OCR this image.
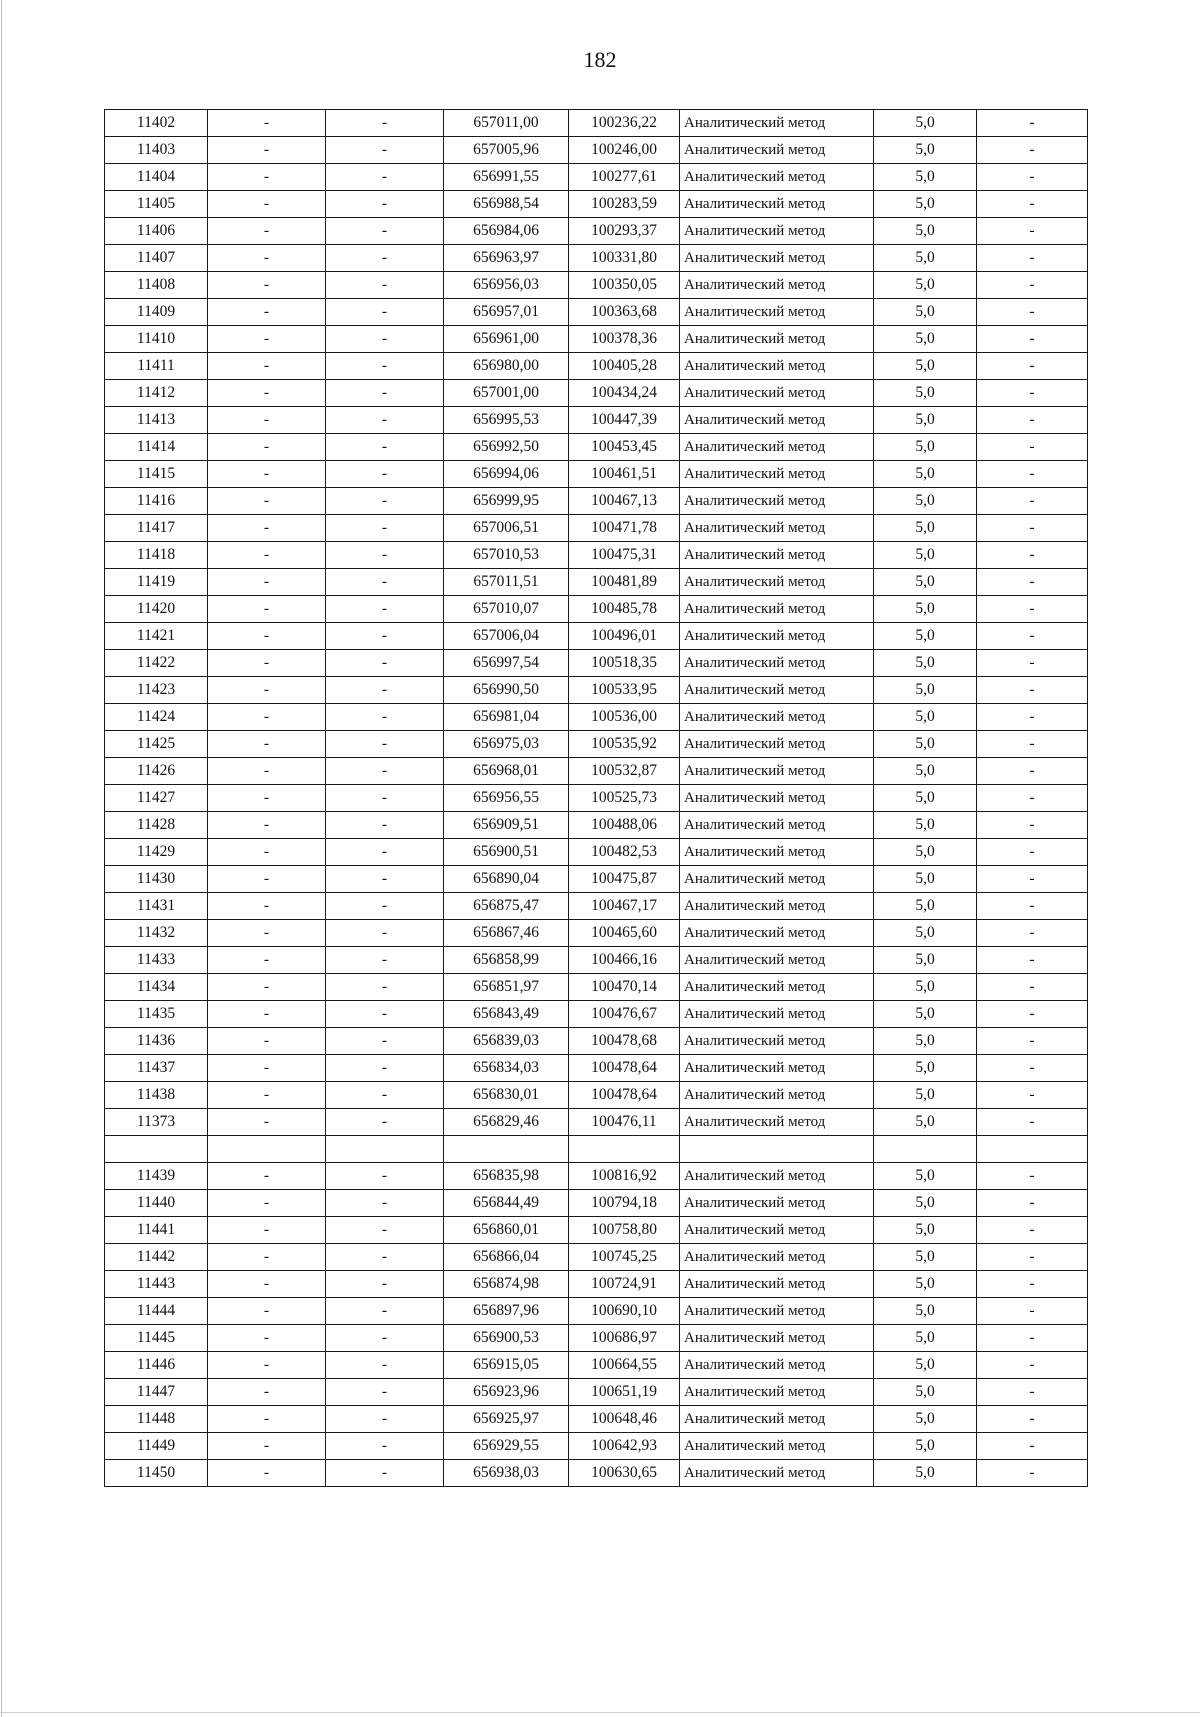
182
11402	-	-	657011,00	100236,22	Аналитический метод	5,0	-
11403	-	-	657005,96	100246,00	Аналитический метод	5,0	-
11404	-	-	656991,55	100277,61	Аналитический метод	5,0	-
11405	-	-	656988,54	100283,59	Аналитический метод	5,0	-
11406	-	-	656984,06	100293,37	Аналитический метод	5,0	-
11407	-	-	656963,97	100331,80	Аналитический метод	5,0	-
11408	-	-	656956,03	100350,05	Аналитический метод	5,0	-
11409	-	-	656957,01	100363,68	Аналитический метод	5,0	-
11410	-	-	656961,00	100378,36	Аналитический метод	5,0	-
11411	-	-	656980,00	100405,28	Аналитический метод	5,0	-
11412	-	-	657001,00	100434,24	Аналитический метод	5,0	-
11413	-	-	656995,53	100447,39	Аналитический метод	5,0	-
11414	-	-	656992,50	100453,45	Аналитический метод	5,0	-
11415	-	-	656994,06	100461,51	Аналитический метод	5,0	-
11416	-	-	656999,95	100467,13	Аналитический метод	5,0	-
11417	-	-	657006,51	100471,78	Аналитический метод	5,0	-
11418	-	-	657010,53	100475,31	Аналитический метод	5,0	-
11419	-	-	657011,51	100481,89	Аналитический метод	5,0	-
11420	-	-	657010,07	100485,78	Аналитический метод	5,0	-
11421	-	-	657006,04	100496,01	Аналитический метод	5,0	-
11422	-	-	656997,54	100518,35	Аналитический метод	5,0	-
11423	-	-	656990,50	100533,95	Аналитический метод	5,0	-
11424	-	-	656981,04	100536,00	Аналитический метод	5,0	-
11425	-	-	656975,03	100535,92	Аналитический метод	5,0	-
11426	-	-	656968,01	100532,87	Аналитический метод	5,0	-
11427	-	-	656956,55	100525,73	Аналитический метод	5,0	-
11428	-	-	656909,51	100488,06	Аналитический метод	5,0	-
11429	-	-	656900,51	100482,53	Аналитический метод	5,0	-
11430	-	-	656890,04	100475,87	Аналитический метод	5,0	-
11431	-	-	656875,47	100467,17	Аналитический метод	5,0	-
11432	-	-	656867,46	100465,60	Аналитический метод	5,0	-
11433	-	-	656858,99	100466,16	Аналитический метод	5,0	-
11434	-	-	656851,97	100470,14	Аналитический метод	5,0	-
11435	-	-	656843,49	100476,67	Аналитический метод	5,0	-
11436	-	-	656839,03	100478,68	Аналитический метод	5,0	-
11437	-	-	656834,03	100478,64	Аналитический метод	5,0	-
11438	-	-	656830,01	100478,64	Аналитический метод	5,0	-
11373	-	-	656829,46	100476,11	Аналитический метод	5,0	-

11439	-	-	656835,98	100816,92	Аналитический метод	5,0	-
11440	-	-	656844,49	100794,18	Аналитический метод	5,0	-
11441	-	-	656860,01	100758,80	Аналитический метод	5,0	-
11442	-	-	656866,04	100745,25	Аналитический метод	5,0	-
11443	-	-	656874,98	100724,91	Аналитический метод	5,0	-
11444	-	-	656897,96	100690,10	Аналитический метод	5,0	-
11445	-	-	656900,53	100686,97	Аналитический метод	5,0	-
11446	-	-	656915,05	100664,55	Аналитический метод	5,0	-
11447	-	-	656923,96	100651,19	Аналитический метод	5,0	-
11448	-	-	656925,97	100648,46	Аналитический метод	5,0	-
11449	-	-	656929,55	100642,93	Аналитический метод	5,0	-
11450	-	-	656938,03	100630,65	Аналитический метод	5,0	-
